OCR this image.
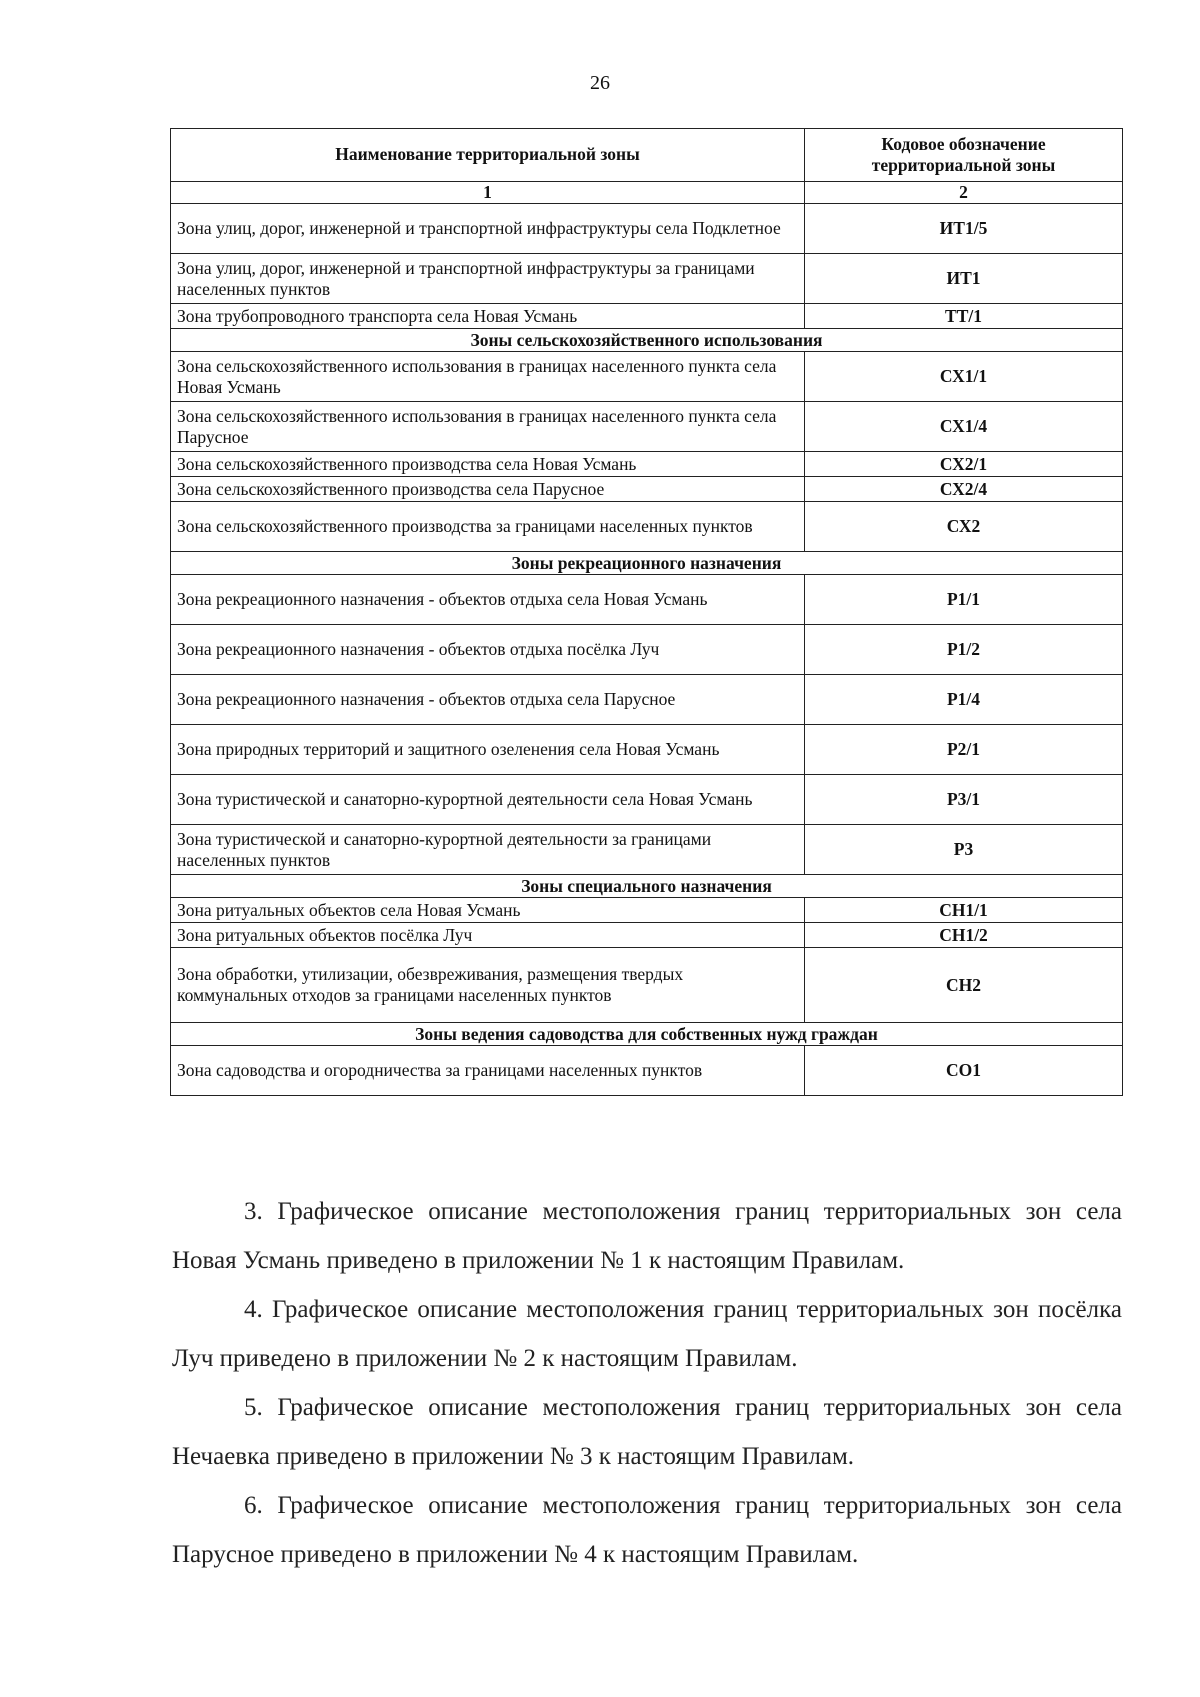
26
Наименование территориальной зоны	Кодовое обозначение территориальной зоны
1	2
Зона улиц, дорог, инженерной и транспортной инфраструктуры села Подклетное	ИТ1/5
Зона улиц, дорог, инженерной и транспортной инфраструктуры за границами населенных пунктов	ИТ1
Зона трубопроводного транспорта села Новая Усмань	ТТ/1
Зоны сельскохозяйственного использования	
Зона сельскохозяйственного использования в границах населенного пункта села Новая Усмань	СХ1/1
Зона сельскохозяйственного использования в границах населенного пункта села Парусное	СХ1/4
Зона сельскохозяйственного производства села Новая Усмань	СХ2/1
Зона сельскохозяйственного производства села Парусное	СХ2/4
Зона сельскохозяйственного производства за границами населенных пунктов	СХ2
Зоны рекреационного назначения	
Зона рекреационного назначения - объектов отдыха села Новая Усмань	Р1/1
Зона рекреационного назначения - объектов отдыха посёлка Луч	Р1/2
Зона рекреационного назначения - объектов отдыха села Парусное	Р1/4
Зона природных территорий и защитного озеленения села Новая Усмань	Р2/1
Зона туристической и санаторно-курортной деятельности села Новая Усмань	Р3/1
Зона туристической и санаторно-курортной деятельности за границами населенных пунктов	Р3
Зоны специального назначения	
Зона ритуальных объектов села Новая Усмань	СН1/1
Зона ритуальных объектов посёлка Луч	СН1/2
Зона обработки, утилизации, обезвреживания, размещения твердых коммунальных отходов за границами населенных пунктов	СН2
Зоны ведения садоводства для собственных нужд граждан	
Зона садоводства и огородничества за границами населенных пунктов	СО1

3. Графическое описание местоположения границ территориальных зон села Новая Усмань приведено в приложении № 1 к настоящим Правилам.

4. Графическое описание местоположения границ территориальных зон посёлка Луч приведено в приложении № 2 к настоящим Правилам.

5. Графическое описание местоположения границ территориальных зон села Нечаевка приведено в приложении № 3 к настоящим Правилам.

6. Графическое описание местоположения границ территориальных зон села Парусное приведено в приложении № 4 к настоящим Правилам.
